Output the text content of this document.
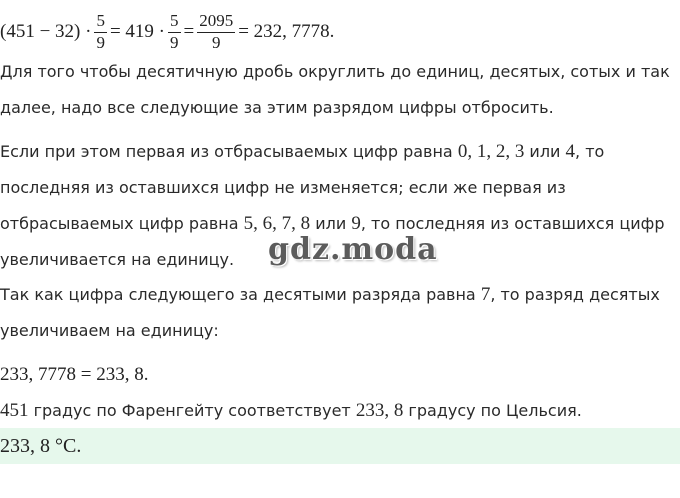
$(451 - 32) \cdot \frac{5}{9} = 419 \cdot \frac{5}{9} = \frac{2095}{9} = 232$, 7778.
Для того чтобы десятичную дробь округлить до единиц, десятых, сотых и так
далее, надо все следующие за этим разрядом цифры отбросить.
Если при этом первая из отбрасываемых цифр равна 0, 1, 2, 3 или 4, то
последняя из оставшихся цифр не изменяется; если же первая из
отбрасываемых цифр равна 5, 6, 7, 8 или 9, то последняя из оставшихся цифр
увеличивается на единицу.	gdz.moda
Так как цифра следующего за десятыми разряда равна 7, то разряд десятых
увеличиваем на единицу:
233, 7778 = 233, 8.
451 градус по Фаренгейту соответствует 233, 8 градусу по Цельсия.
233, 8 °C.
